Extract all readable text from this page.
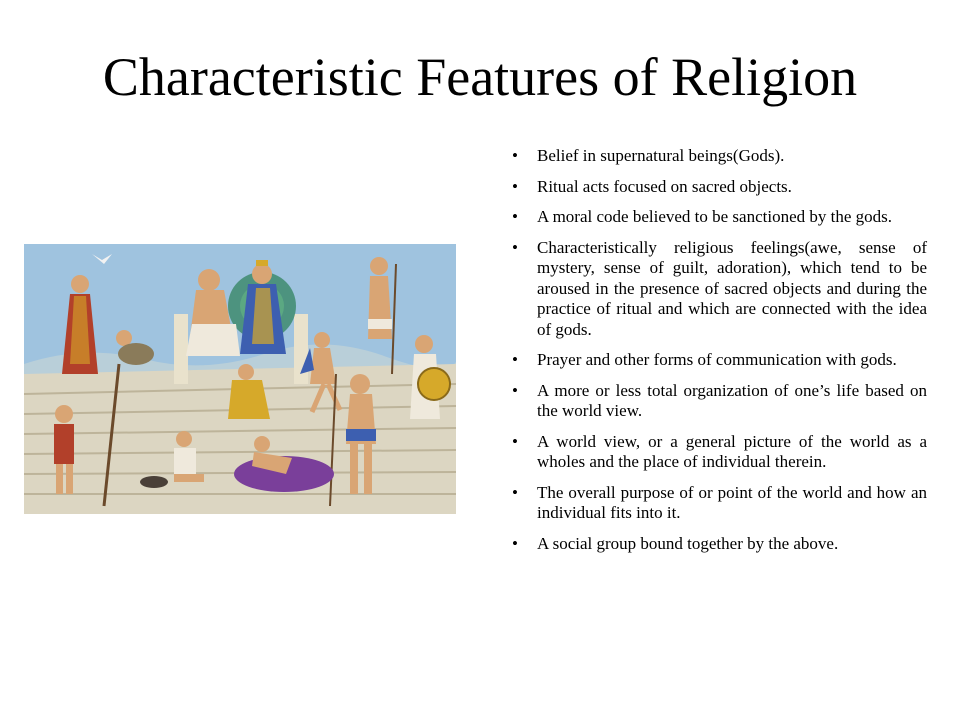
Characteristic Features of Religion
• Belief in supernatural beings(Gods).
• Ritual acts focused on sacred objects.
• A moral code believed to be sanctioned by the gods.
• Characteristically religious feelings(awe, sense of mystery, sense of guilt, adoration), which tend to be aroused in the presence of sacred objects and during the practice of ritual and which are connected with the idea of gods.
• Prayer and other forms of communication with gods.
• A more or less total organization of one’s life based on the world view.
• A world view, or a general picture of the world as a wholes and the place of individual therein.
• The overall purpose of or point of the world and how an individual fits into it.
• A social group bound together by the above.
